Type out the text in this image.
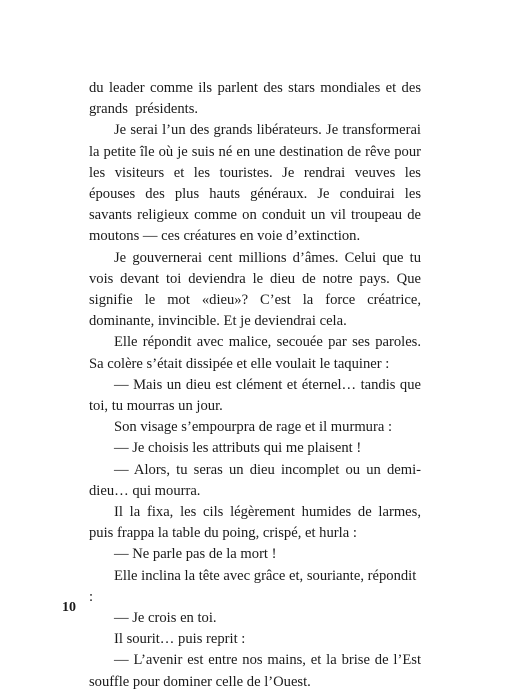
du leader comme ils parlent des stars mondiales et des grands  présidents.

Je serai l’un des grands libérateurs. Je transformerai la petite île où je suis né en une destination de rêve pour les visiteurs et les touristes. Je rendrai veuves les épouses des plus hauts généraux. Je conduirai les savants religieux comme on conduit un vil troupeau de moutons — ces créatures en voie d’extinction.

Je gouvernerai cent millions d’âmes. Celui que tu vois devant toi deviendra le dieu de notre pays. Que signifie le mot «dieu»? C’est la force créatrice, dominante, invincible. Et je deviendrai cela.

Elle répondit avec malice, secouée par ses paroles. Sa colère s’était dissipée et elle voulait le taquiner :

— Mais un dieu est clément et éternel… tandis que toi, tu mourras un jour.

Son visage s’empourpra de rage et il murmura :

— Je choisis les attributs qui me plaisent !

— Alors, tu seras un dieu incomplet ou un demi-dieu… qui mourra.

Il la fixa, les cils légèrement humides de larmes, puis frappa la table du poing, crispé, et hurla :

— Ne parle pas de la mort !

Elle inclina la tête avec grâce et, souriante, répondit :

— Je crois en toi.

Il sourit… puis reprit :

— L’avenir est entre nos mains, et la brise de l’Est souffle pour dominer celle de l’Ouest.

10
